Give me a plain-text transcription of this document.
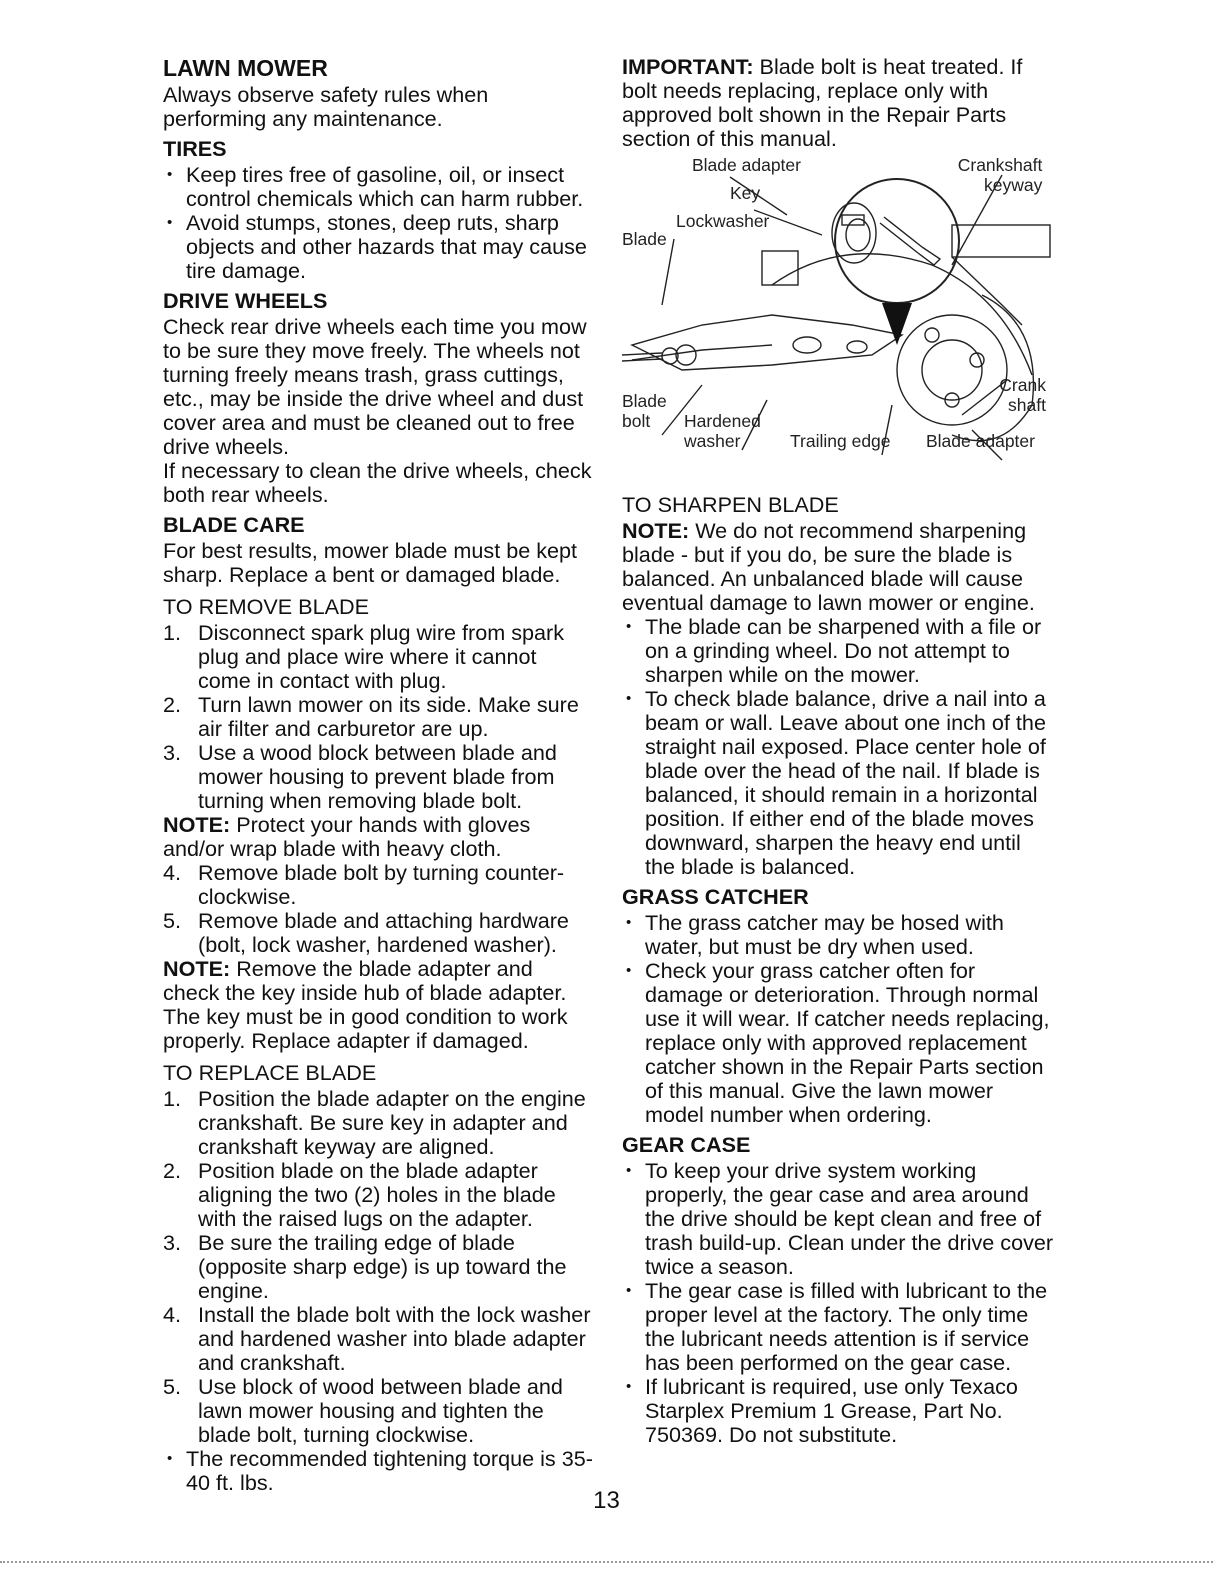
LAWN MOWER

Always observe safety rules when performing any maintenance.

TIRES
• Keep tires free of gasoline, oil, or insect control chemicals which can harm rubber.
• Avoid stumps, stones, deep ruts, sharp objects and other hazards that may cause tire damage.
DRIVE WHEELS

Check rear drive wheels each time you mow to be sure they move freely. The wheels not turning freely means trash, grass cuttings, etc., may be inside the drive wheel and dust cover area and must be cleaned out to free drive wheels.

If necessary to clean the drive wheels, check both rear wheels.

BLADE CARE

For best results, mower blade must be kept sharp. Replace a bent or damaged blade.

TO REMOVE BLADE

1. Disconnect spark plug wire from spark plug and place wire where it cannot come in contact with plug.
2. Turn lawn mower on its side. Make sure air filter and carburetor are up.
3. Use a wood block between blade and mower housing to prevent blade from turning when removing blade bolt.

NOTE: Protect your hands with gloves and/or wrap blade with heavy cloth.

4. Remove blade bolt by turning counter-clockwise.
5. Remove blade and attaching hardware (bolt, lock washer, hardened washer).

NOTE: Remove the blade adapter and check the key inside hub of blade adapter. The key must be in good condition to work properly. Replace adapter if damaged.

TO REPLACE BLADE

1. Position the blade adapter on the engine crankshaft. Be sure key in adapter and crankshaft keyway are aligned.
2. Position blade on the blade adapter aligning the two (2) holes in the blade with the raised lugs on the adapter.
3. Be sure the trailing edge of blade (opposite sharp edge) is up toward the engine.
4. Install the blade bolt with the lock washer and hardened washer into blade adapter and crankshaft.
5. Use block of wood between blade and lawn mower housing and tighten the blade bolt, turning clockwise.
• The recommended tightening torque is 35-40 ft. lbs.

IMPORTANT: Blade bolt is heat treated. If bolt needs replacing, replace only with approved bolt shown in the Repair Parts section of this manual.

Blade adapter	Crankshaft
keyway
Key
Lockwasher
Blade
Crank
shaft
Blade
bolt	Hardened
washer	Trailing edge Blade adapter

TO SHARPEN BLADE

NOTE: We do not recommend sharpening blade - but if you do, be sure the blade is balanced. An unbalanced blade will cause eventual damage to lawn mower or engine.

• The blade can be sharpened with a file or on a grinding wheel. Do not attempt to sharpen while on the mower.
• To check blade balance, drive a nail into a beam or wall. Leave about one inch of the straight nail exposed. Place center hole of blade over the head of the nail. If blade is balanced, it should remain in a horizontal position. If either end of the blade moves downward, sharpen the heavy end until the blade is balanced.
GRASS CATCHER
• The grass catcher may be hosed with water, but must be dry when used.
• Check your grass catcher often for damage or deterioration. Through normal use it will wear. If catcher needs replacing, replace only with approved replacement catcher shown in the Repair Parts section of this manual. Give the lawn mower model number when ordering.
GEAR CASE
• To keep your drive system working properly, the gear case and area around the drive should be kept clean and free of trash build-up. Clean under the drive cover twice a season.
• The gear case is filled with lubricant to the proper level at the factory. The only time the lubricant needs attention is if service has been performed on the gear case.
• If lubricant is required, use only Texaco Starplex Premium 1 Grease, Part No. 750369. Do not substitute.
13
